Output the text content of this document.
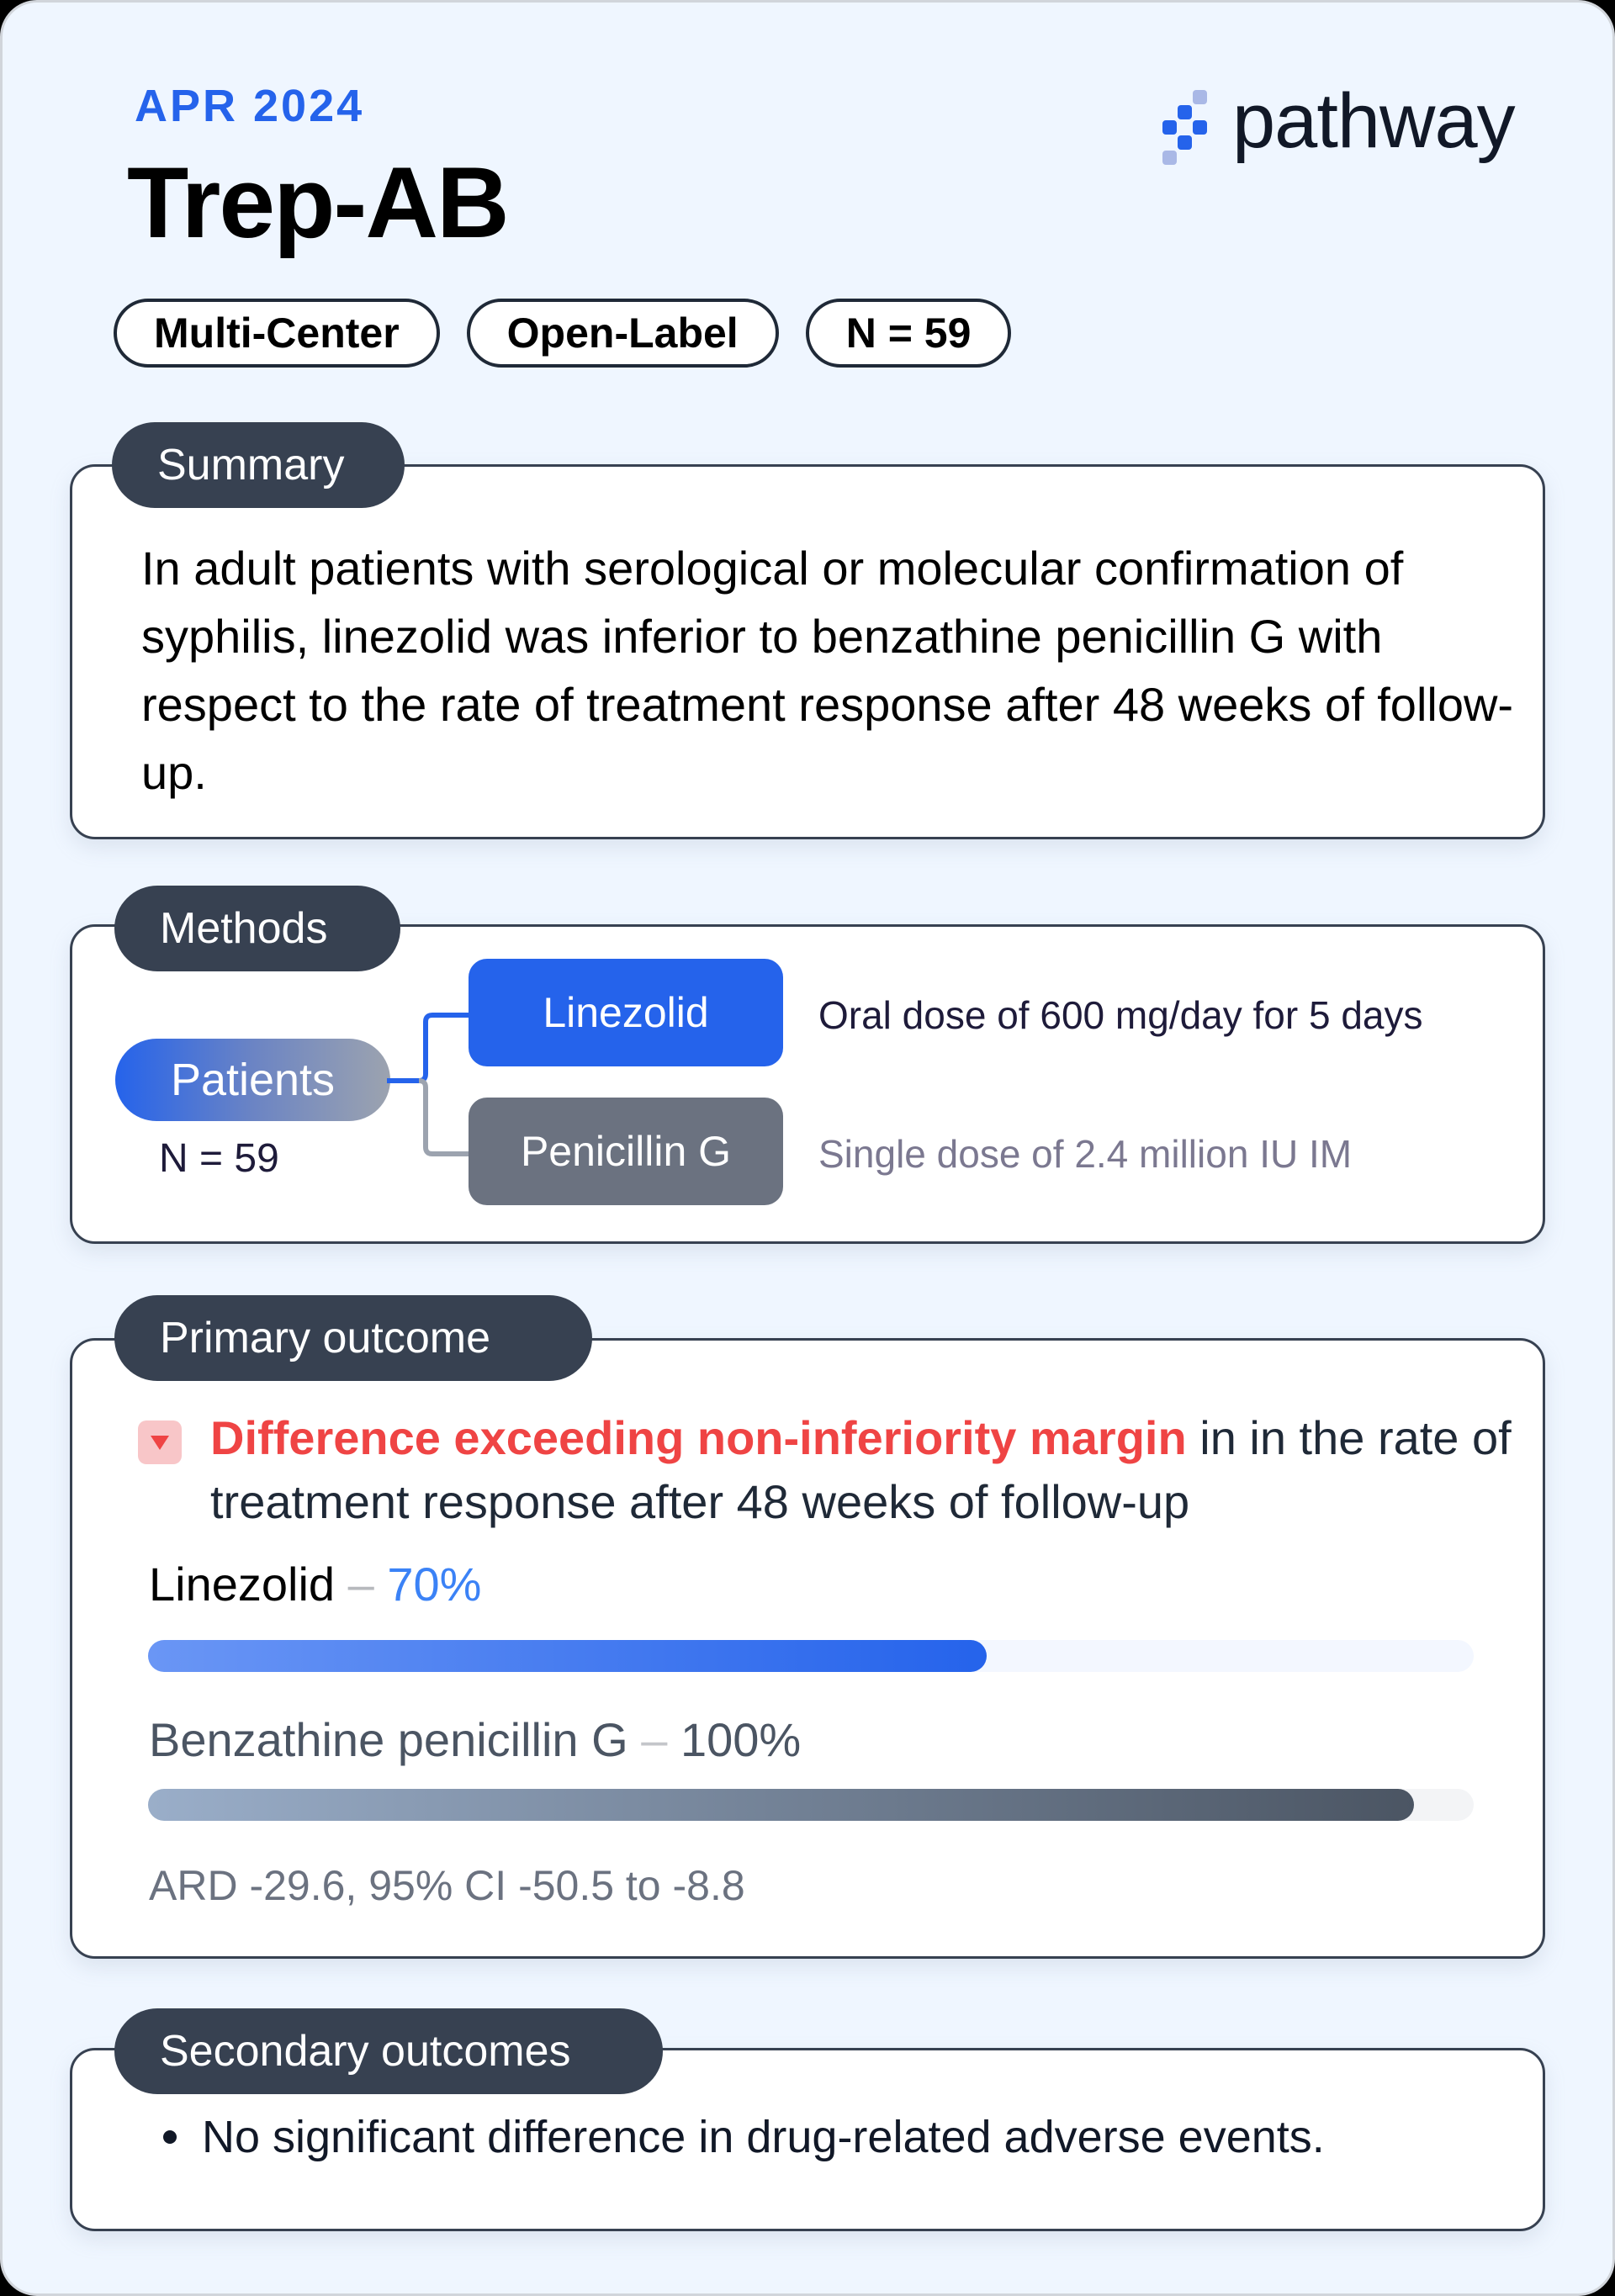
APR 2024
Trep-AB
pathway
Multi-Center	Open-Label	N = 59
In adult patients with serological or molecular confirmation of syphilis, linezolid was inferior to benzathine penicillin G with respect to the rate of treatment response after 48 weeks of follow-up.
Summary
Patients
N = 59
Linezolid	Oral dose of 600 mg/day for 5 days
Penicillin G	Single dose of 2.4 million IU IM
Methods
Difference exceeding non-inferiority margin in in the rate of treatment response after 48 weeks of follow-up
Primary outcome
Linezolid – 70%
Benzathine penicillin G – 100%
ARD -29.6, 95% CI -50.5 to -8.8
No significant difference in drug-related adverse events.
Secondary outcomes
